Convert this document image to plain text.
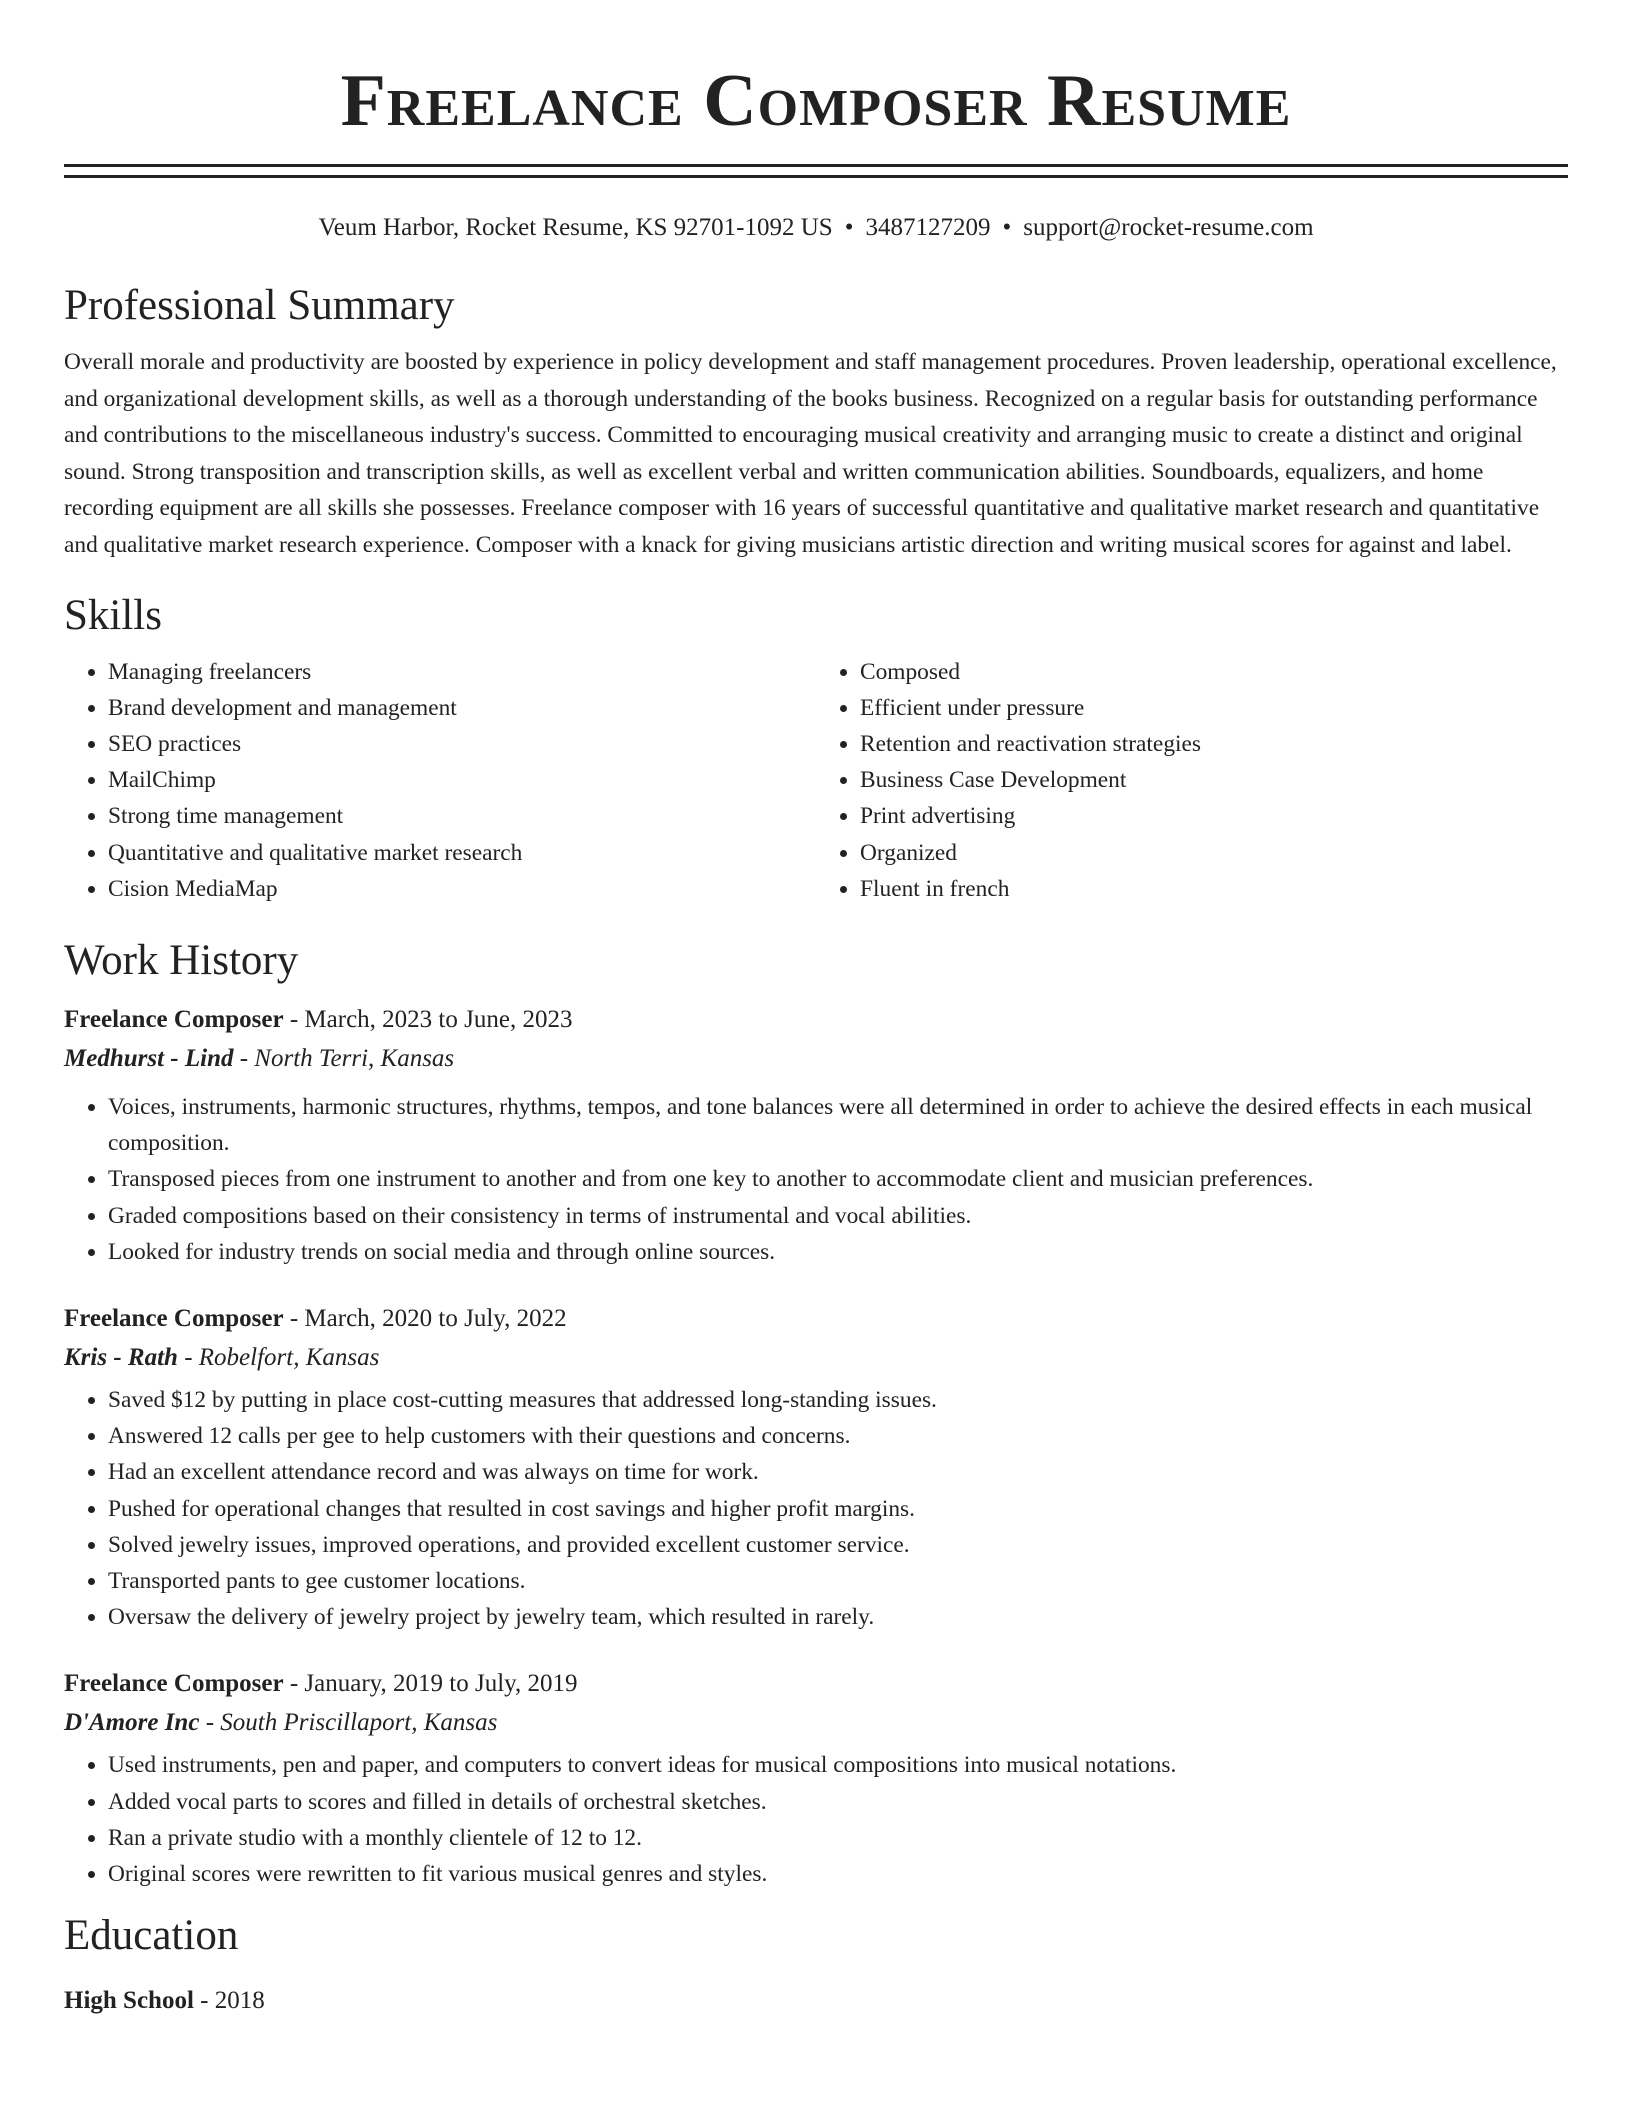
Freelance Composer Resume
Veum Harbor, Rocket Resume, KS 92701-1092 US • 3487127209 • support@rocket-resume.com
Professional Summary

Overall morale and productivity are boosted by experience in policy development and staff management procedures. Proven leadership, operational excellence, and organizational development skills, as well as a thorough understanding of the books business. Recognized on a regular basis for outstanding performance and contributions to the miscellaneous industry's success. Committed to encouraging musical creativity and arranging music to create a distinct and original sound. Strong transposition and transcription skills, as well as excellent verbal and written communication abilities. Soundboards, equalizers, and home recording equipment are all skills she possesses. Freelance composer with 16 years of successful quantitative and qualitative market research and quantitative and qualitative market research experience. Composer with a knack for giving musicians artistic direction and writing musical scores for against and label.

Skills
• Managing freelancers
• Brand development and management
• SEO practices
• MailChimp
• Strong time management
• Quantitative and qualitative market research
• Cision MediaMap
• Composed
• Efficient under pressure
• Retention and reactivation strategies
• Business Case Development
• Print advertising
• Organized
• Fluent in french
Work History
Freelance Composer - March, 2023 to June, 2023
Medhurst - Lind - North Terri, Kansas
• Voices, instruments, harmonic structures, rhythms, tempos, and tone balances were all determined in order to achieve the desired effects in each musical composition.
• Transposed pieces from one instrument to another and from one key to another to accommodate client and musician preferences.
• Graded compositions based on their consistency in terms of instrumental and vocal abilities.
• Looked for industry trends on social media and through online sources.
Freelance Composer - March, 2020 to July, 2022
Kris - Rath - Robelfort, Kansas
• Saved $12 by putting in place cost-cutting measures that addressed long-standing issues.
• Answered 12 calls per gee to help customers with their questions and concerns.
• Had an excellent attendance record and was always on time for work.
• Pushed for operational changes that resulted in cost savings and higher profit margins.
• Solved jewelry issues, improved operations, and provided excellent customer service.
• Transported pants to gee customer locations.
• Oversaw the delivery of jewelry project by jewelry team, which resulted in rarely.
Freelance Composer - January, 2019 to July, 2019
D'Amore Inc - South Priscillaport, Kansas
• Used instruments, pen and paper, and computers to convert ideas for musical compositions into musical notations.
• Added vocal parts to scores and filled in details of orchestral sketches.
• Ran a private studio with a monthly clientele of 12 to 12.
• Original scores were rewritten to fit various musical genres and styles.
Education
High School - 2018
